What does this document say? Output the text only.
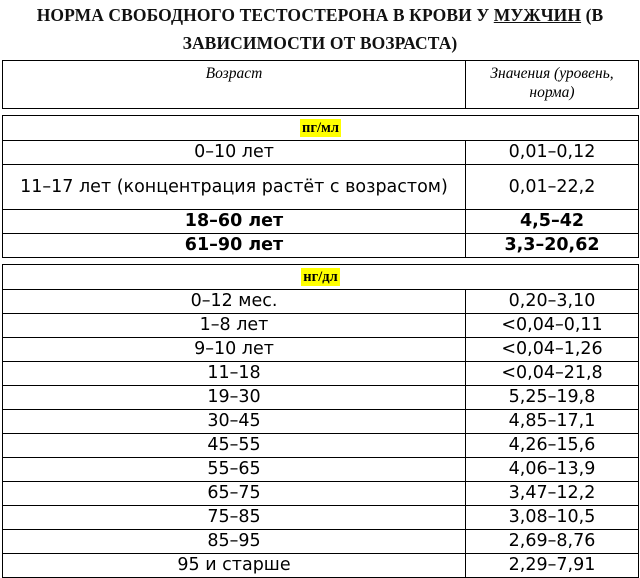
НОРМА СВОБОДНОГО ТЕСТОСТЕРОНА В КРОВИ У МУЖЧИН (В
ЗАВИСИМОСТИ ОТ ВОЗРАСТА)
Возраст	Значения (уровень, норма)

пг/мл	
0–10 лет	0,01–0,12
11–17 лет (концентрация растёт с возрастом)	0,01–22,2
18–60 лет	4,5–42
61–90 лет	3,3–20,62

нг/дл	
0–12 мес.	0,20–3,10
1–8 лет	<0,04–0,11
9–10 лет	<0,04–1,26
11–18	<0,04–21,8
19–30	5,25–19,8
30–45	4,85–17,1
45–55	4,26–15,6
55–65	4,06–13,9
65–75	3,47–12,2
75–85	3,08–10,5
85–95	2,69–8,76
95 и старше	2,29–7,91
